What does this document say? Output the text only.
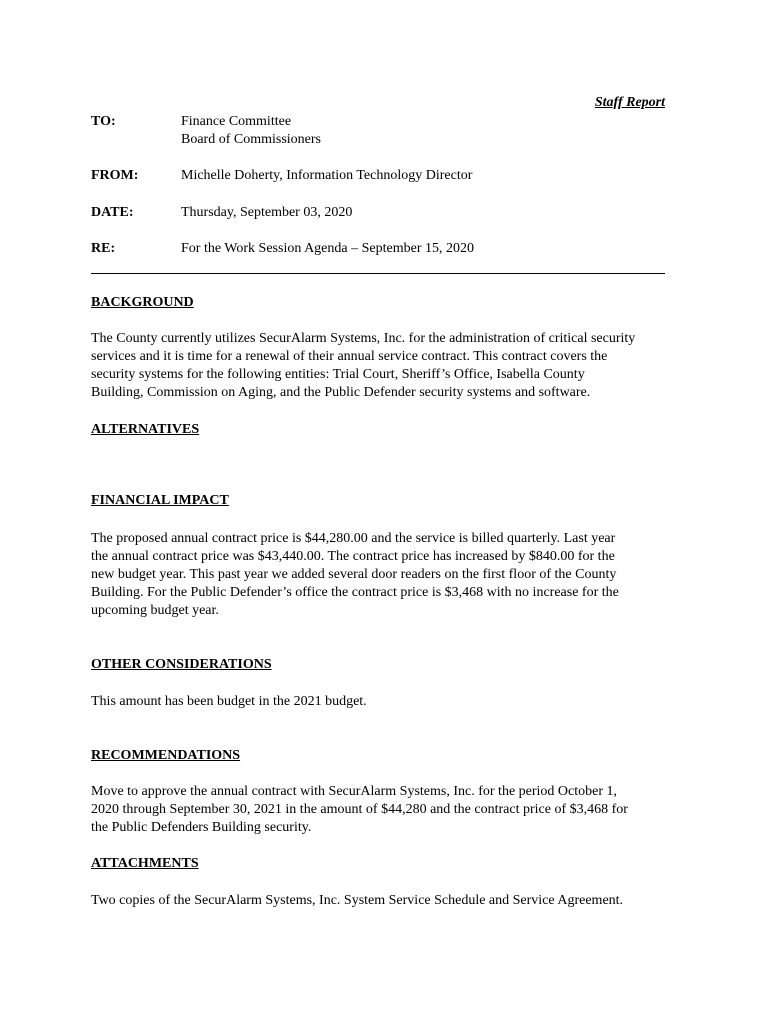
Staff Report
TO:	Finance Committee
Board of Commissioners
FROM:	Michelle Doherty, Information Technology Director
DATE:	Thursday, September 03, 2020
RE:	For the Work Session Agenda – September 15, 2020
BACKGROUND
The County currently utilizes SecurAlarm Systems, Inc. for the administration of critical security
services and it is time for a renewal of their annual service contract. This contract covers the
security systems for the following entities: Trial Court, Sheriff’s Office, Isabella County
Building, Commission on Aging, and the Public Defender security systems and software.
ALTERNATIVES
FINANCIAL IMPACT
The proposed annual contract price is $44,280.00 and the service is billed quarterly. Last year
the annual contract price was $43,440.00. The contract price has increased by $840.00 for the
new budget year. This past year we added several door readers on the first floor of the County
Building. For the Public Defender’s office the contract price is $3,468 with no increase for the
upcoming budget year.
OTHER CONSIDERATIONS
This amount has been budget in the 2021 budget.
RECOMMENDATIONS
Move to approve the annual contract with SecurAlarm Systems, Inc. for the period October 1,
2020 through September 30, 2021 in the amount of $44,280 and the contract price of $3,468 for
the Public Defenders Building security.
ATTACHMENTS
Two copies of the SecurAlarm Systems, Inc. System Service Schedule and Service Agreement.
